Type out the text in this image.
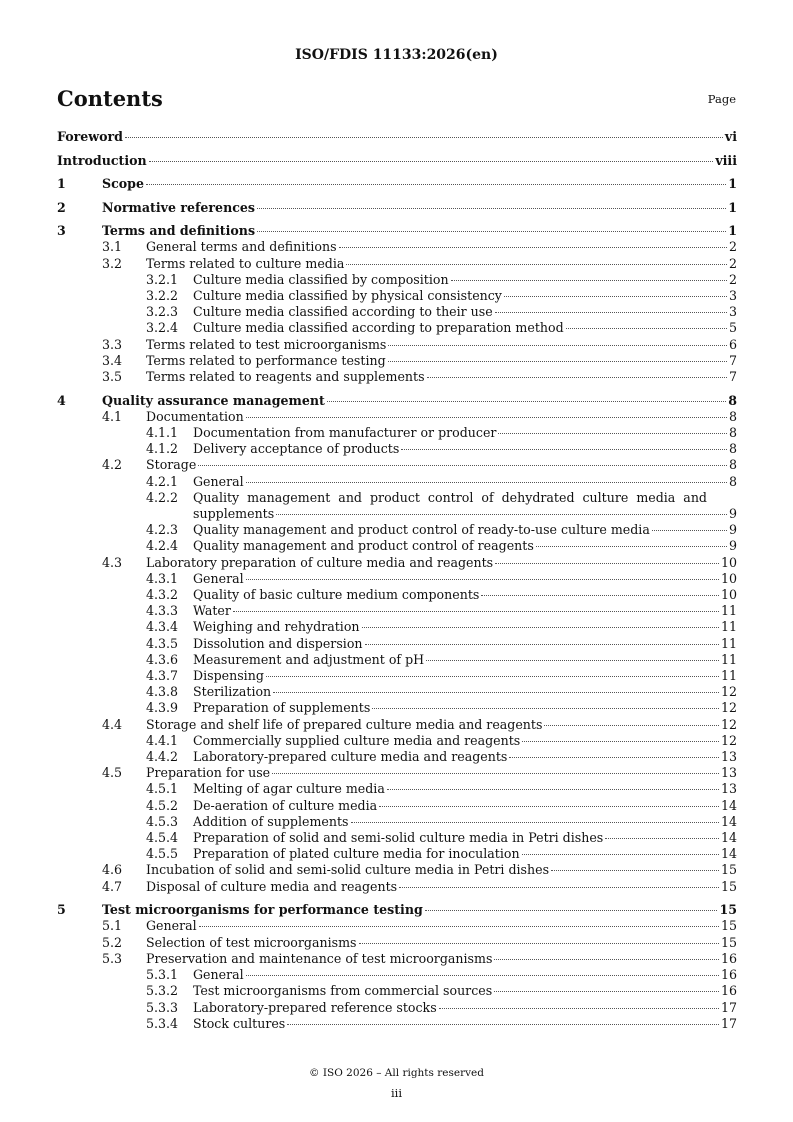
ISO/FDIS 11133:2026(en)
Contents	Page
Foreword	vi
Introduction	viii
1	Scope	1
2	Normative references	1
3	Terms and definitions	1
3.1	General terms and definitions	2
3.2	Terms related to culture media	2
3.2.1	Culture media classified by composition	2
3.2.2	Culture media classified by physical consistency	3
3.2.3	Culture media classified according to their use	3
3.2.4	Culture media classified according to preparation method	5
3.3	Terms related to test microorganisms	6
3.4	Terms related to performance testing	7
3.5	Terms related to reagents and supplements	7
4	Quality assurance management	8
4.1	Documentation	8
4.1.1	Documentation from manufacturer or producer	8
4.1.2	Delivery acceptance of products	8
4.2	Storage	8
4.2.1	General	8
4.2.2	Quality management and product control of dehydrated culture media and
supplements	9
4.2.3	Quality management and product control of ready-to-use culture media	9
4.2.4	Quality management and product control of reagents	9
4.3	Laboratory preparation of culture media and reagents	10
4.3.1	General	10
4.3.2	Quality of basic culture medium components	10
4.3.3	Water	11
4.3.4	Weighing and rehydration	11
4.3.5	Dissolution and dispersion	11
4.3.6	Measurement and adjustment of pH	11
4.3.7	Dispensing	11
4.3.8	Sterilization	12
4.3.9	Preparation of supplements	12
4.4	Storage and shelf life of prepared culture media and reagents	12
4.4.1	Commercially supplied culture media and reagents	12
4.4.2	Laboratory-prepared culture media and reagents	13
4.5	Preparation for use	13
4.5.1	Melting of agar culture media	13
4.5.2	De-aeration of culture media	14
4.5.3	Addition of supplements	14
4.5.4	Preparation of solid and semi-solid culture media in Petri dishes	14
4.5.5	Preparation of plated culture media for inoculation	14
4.6	Incubation of solid and semi-solid culture media in Petri dishes	15
4.7	Disposal of culture media and reagents	15
5	Test microorganisms for performance testing	15
5.1	General	15
5.2	Selection of test microorganisms	15
5.3	Preservation and maintenance of test microorganisms	16
5.3.1	General	16
5.3.2	Test microorganisms from commercial sources	16
5.3.3	Laboratory-prepared reference stocks	17
5.3.4	Stock cultures	17
© ISO 2026 – All rights reserved
iii
